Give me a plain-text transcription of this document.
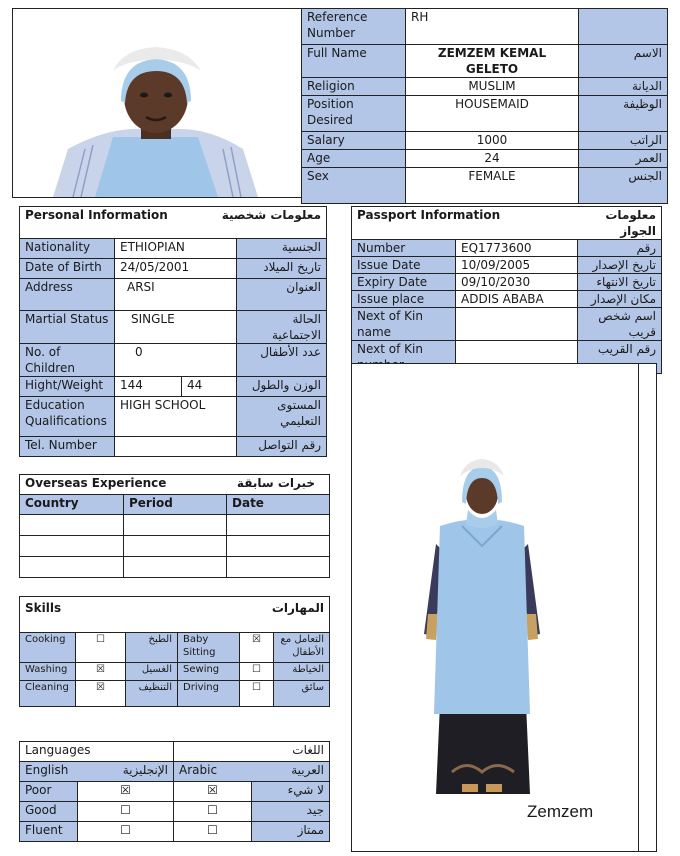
Reference Number	RH	
Full Name	ZEMZEM KEMAL GELETO	الاسم
Religion	MUSLIM	الديانة
Position Desired	HOUSEMAID	الوظيفة
Salary	1000	الراتب
Age	24	العمر
Sex	FEMALE	الجنس
Personal Information		معلومات شخصية	
Nationality	ETHIOPIAN		الجنسية
Date of Birth	24/05/2001		تاريخ الميلاد
Address	ARSI		العنوان
Martial Status	SINGLE		الحالة الاجتماعية
No. of Children	0		عدد الأطفال
Hight/Weight	144	44	الوزن والطول
Education Qualifications	HIGH SCHOOL		المستوى التعليمي
Tel. Number			رقم التواصل
Passport Information		معلومات الجواز
Number	EQ1773600	رقم
Issue Date	10/09/2005	تاريخ الإصدار
Expiry Date	09/10/2030	تاريخ الانتهاء
Issue place	ADDIS ABABA	مكان الإصدار
Next of Kin name		اسم شخص قريب
Next of Kin		رقم القريب
Zemzem
Overseas Experience		خبرات سابقة
Country	Period	Date

Skills			المهارات		
Cooking	☐	الطبخ	Baby Sitting	☒	التعامل مع الأطفال
Washing	☒	الغسيل	Sewing	☐	الخياطة
Cleaning	☒	التنظيف	Driving	☐	سائق
Languages		اللغات	
English	الإنجليزية	Arabic	العربية
Poor	☒	☒	لا شيء
Good	☐	☐	جيد
Fluent	☐	☐	ممتاز
